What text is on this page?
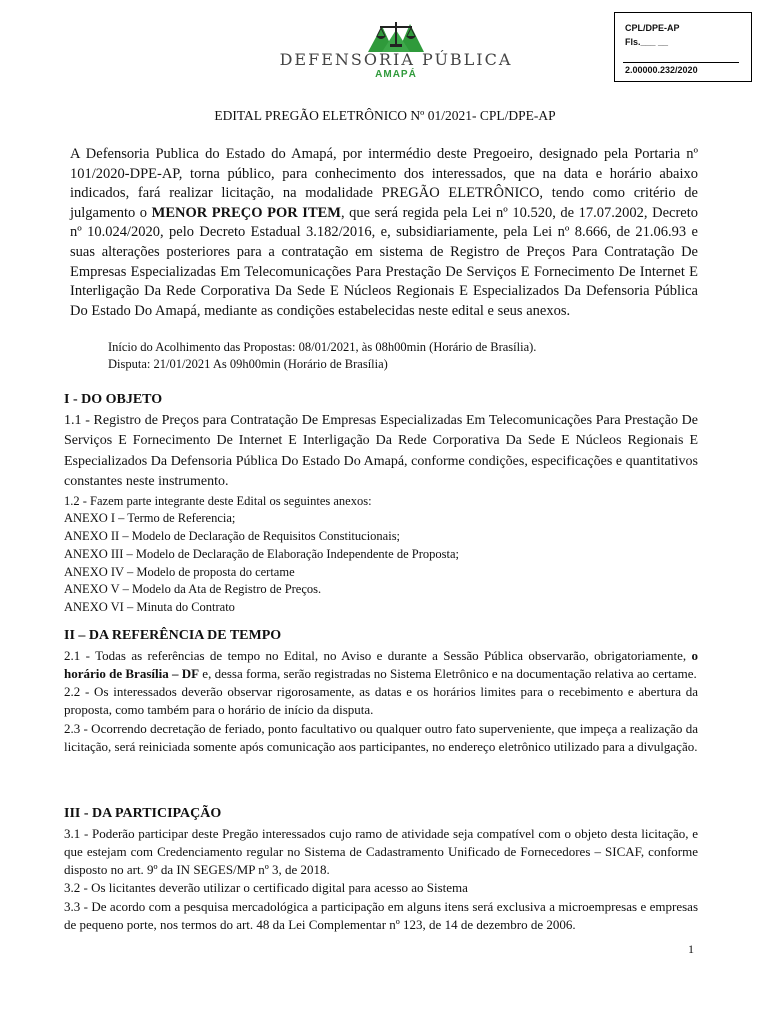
DEFENSORIA PÚBLICA
AMAPÁ
CPL/DPE-AP
Fls.___ __
2.00000.232/2020
EDITAL PREGÃO ELETRÔNICO Nº 01/2021- CPL/DPE-AP
A Defensoria Publica do Estado do Amapá, por intermédio deste Pregoeiro, designado pela Portaria nº 101/2020-DPE-AP, torna público, para conhecimento dos interessados, que na data e horário abaixo indicados, fará realizar licitação, na modalidade PREGÃO ELETRÔNICO, tendo como critério de julgamento o MENOR PREÇO POR ITEM, que será regida pela Lei nº 10.520, de 17.07.2002, Decreto nº 10.024/2020, pelo Decreto Estadual 3.182/2016, e, subsidiariamente, pela Lei nº 8.666, de 21.06.93 e suas alterações posteriores para a contratação em sistema de Registro de Preços Para Contratação De Empresas Especializadas Em Telecomunicações Para Prestação De Serviços E Fornecimento De Internet E Interligação Da Rede Corporativa Da Sede E Núcleos Regionais E Especializados Da Defensoria Pública Do Estado Do Amapá, mediante as condições estabelecidas neste edital e seus anexos.
Início do Acolhimento das Propostas: 08/01/2021, às 08h00min (Horário de Brasília).
Disputa: 21/01/2021 As 09h00min (Horário de Brasília)

I - DO OBJETO

1.1 - Registro de Preços para Contratação De Empresas Especializadas Em Telecomunicações Para Prestação De Serviços E Fornecimento De Internet E Interligação Da Rede Corporativa Da Sede E Núcleos Regionais E Especializados Da Defensoria Pública Do Estado Do Amapá, conforme condições, especificações e quantitativos constantes neste instrumento.

1.2 - Fazem parte integrante deste Edital os seguintes anexos:

ANEXO I – Termo de Referencia;

ANEXO II – Modelo de Declaração de Requisitos Constitucionais;

ANEXO III – Modelo de Declaração de Elaboração Independente de Proposta;

ANEXO IV – Modelo de proposta do certame

ANEXO V – Modelo da Ata de Registro de Preços.

ANEXO VI – Minuta do Contrato

II – DA REFERÊNCIA DE TEMPO

2.1 - Todas as referências de tempo no Edital, no Aviso e durante a Sessão Pública observarão, obrigatoriamente, o horário de Brasília – DF e, dessa forma, serão registradas no Sistema Eletrônico e na documentação relativa ao certame.

2.2 - Os interessados deverão observar rigorosamente, as datas e os horários limites para o recebimento e abertura da proposta, como também para o horário de início da disputa.

2.3 - Ocorrendo decretação de feriado, ponto facultativo ou qualquer outro fato superveniente, que impeça a realização da licitação, será reiniciada somente após comunicação aos participantes, no endereço eletrônico utilizado para a divulgação.

III - DA PARTICIPAÇÃO

3.1 - Poderão participar deste Pregão interessados cujo ramo de atividade seja compatível com o objeto desta licitação, e que estejam com Credenciamento regular no Sistema de Cadastramento Unificado de Fornecedores – SICAF, conforme disposto no art. 9º da IN SEGES/MP nº 3, de 2018.

3.2 - Os licitantes deverão utilizar o certificado digital para acesso ao Sistema

3.3 - De acordo com a pesquisa mercadológica a participação em alguns itens será exclusiva a microempresas e empresas de pequeno porte, nos termos do art. 48 da Lei Complementar nº 123, de 14 de dezembro de 2006.

1
